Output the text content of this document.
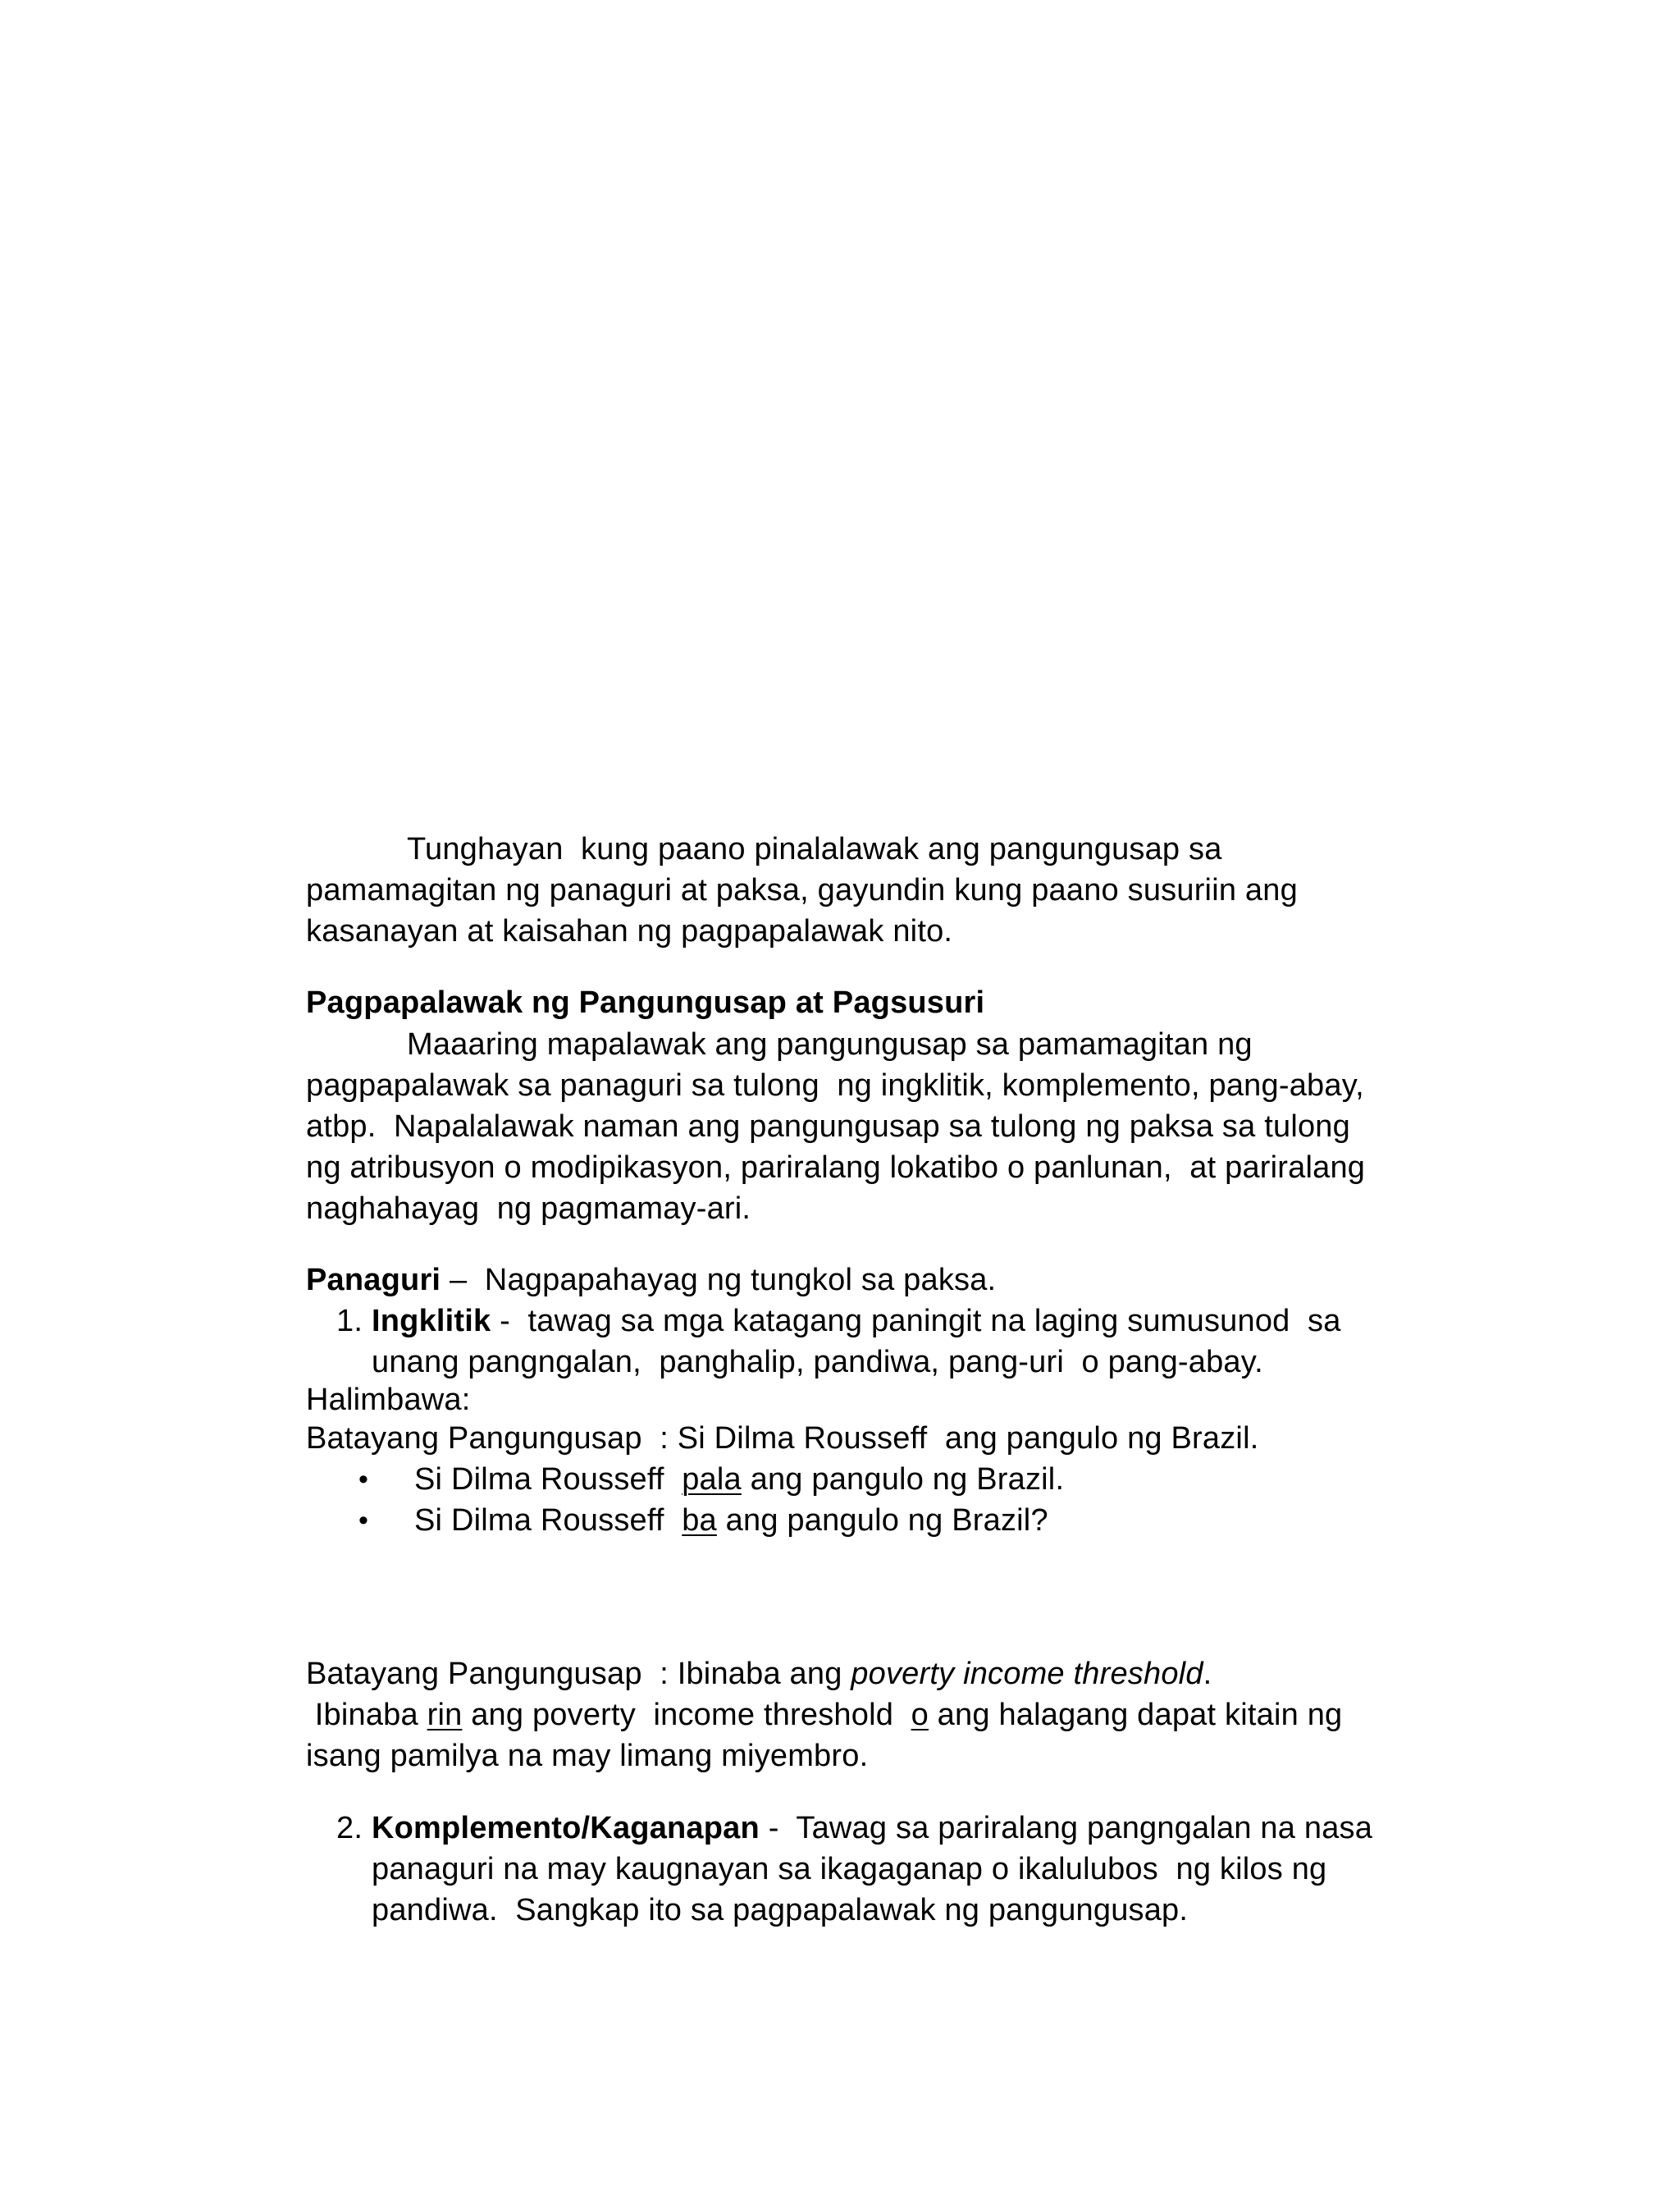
Tunghayan  kung paano pinalalawak ang pangungusap sa
pamamagitan ng panaguri at paksa, gayundin kung paano susuriin ang
kasanayan at kaisahan ng pagpapalawak nito.
Pagpapalawak ng Pangungusap at Pagsusuri
Maaaring mapalawak ang pangungusap sa pamamagitan ng
pagpapalawak sa panaguri sa tulong  ng ingklitik, komplemento, pang-abay,
atbp.  Napalalawak naman ang pangungusap sa tulong ng paksa sa tulong
ng atribusyon o modipikasyon, pariralang lokatibo o panlunan,  at pariralang
naghahayag  ng pagmamay-ari.
Panaguri –  Nagpapahayag ng tungkol sa paksa.
1. Ingklitik -  tawag sa mga katagang paningit na laging sumusunod  sa
unang pangngalan,  panghalip, pandiwa, pang-uri  o pang-abay.
Halimbawa:
Batayang Pangungusap  : Si Dilma Rousseff  ang pangulo ng Brazil.
• Si Dilma Rousseff  pala ang pangulo ng Brazil.
• Si Dilma Rousseff  ba ang pangulo ng Brazil?
Batayang Pangungusap  : Ibinaba ang poverty income threshold.
Ibinaba rin ang poverty  income threshold  o ang halagang dapat kitain ng
isang pamilya na may limang miyembro.
2. Komplemento/Kaganapan -  Tawag sa pariralang pangngalan na nasa
panaguri na may kaugnayan sa ikagaganap o ikalulubos  ng kilos ng
pandiwa.  Sangkap ito sa pagpapalawak ng pangungusap.
